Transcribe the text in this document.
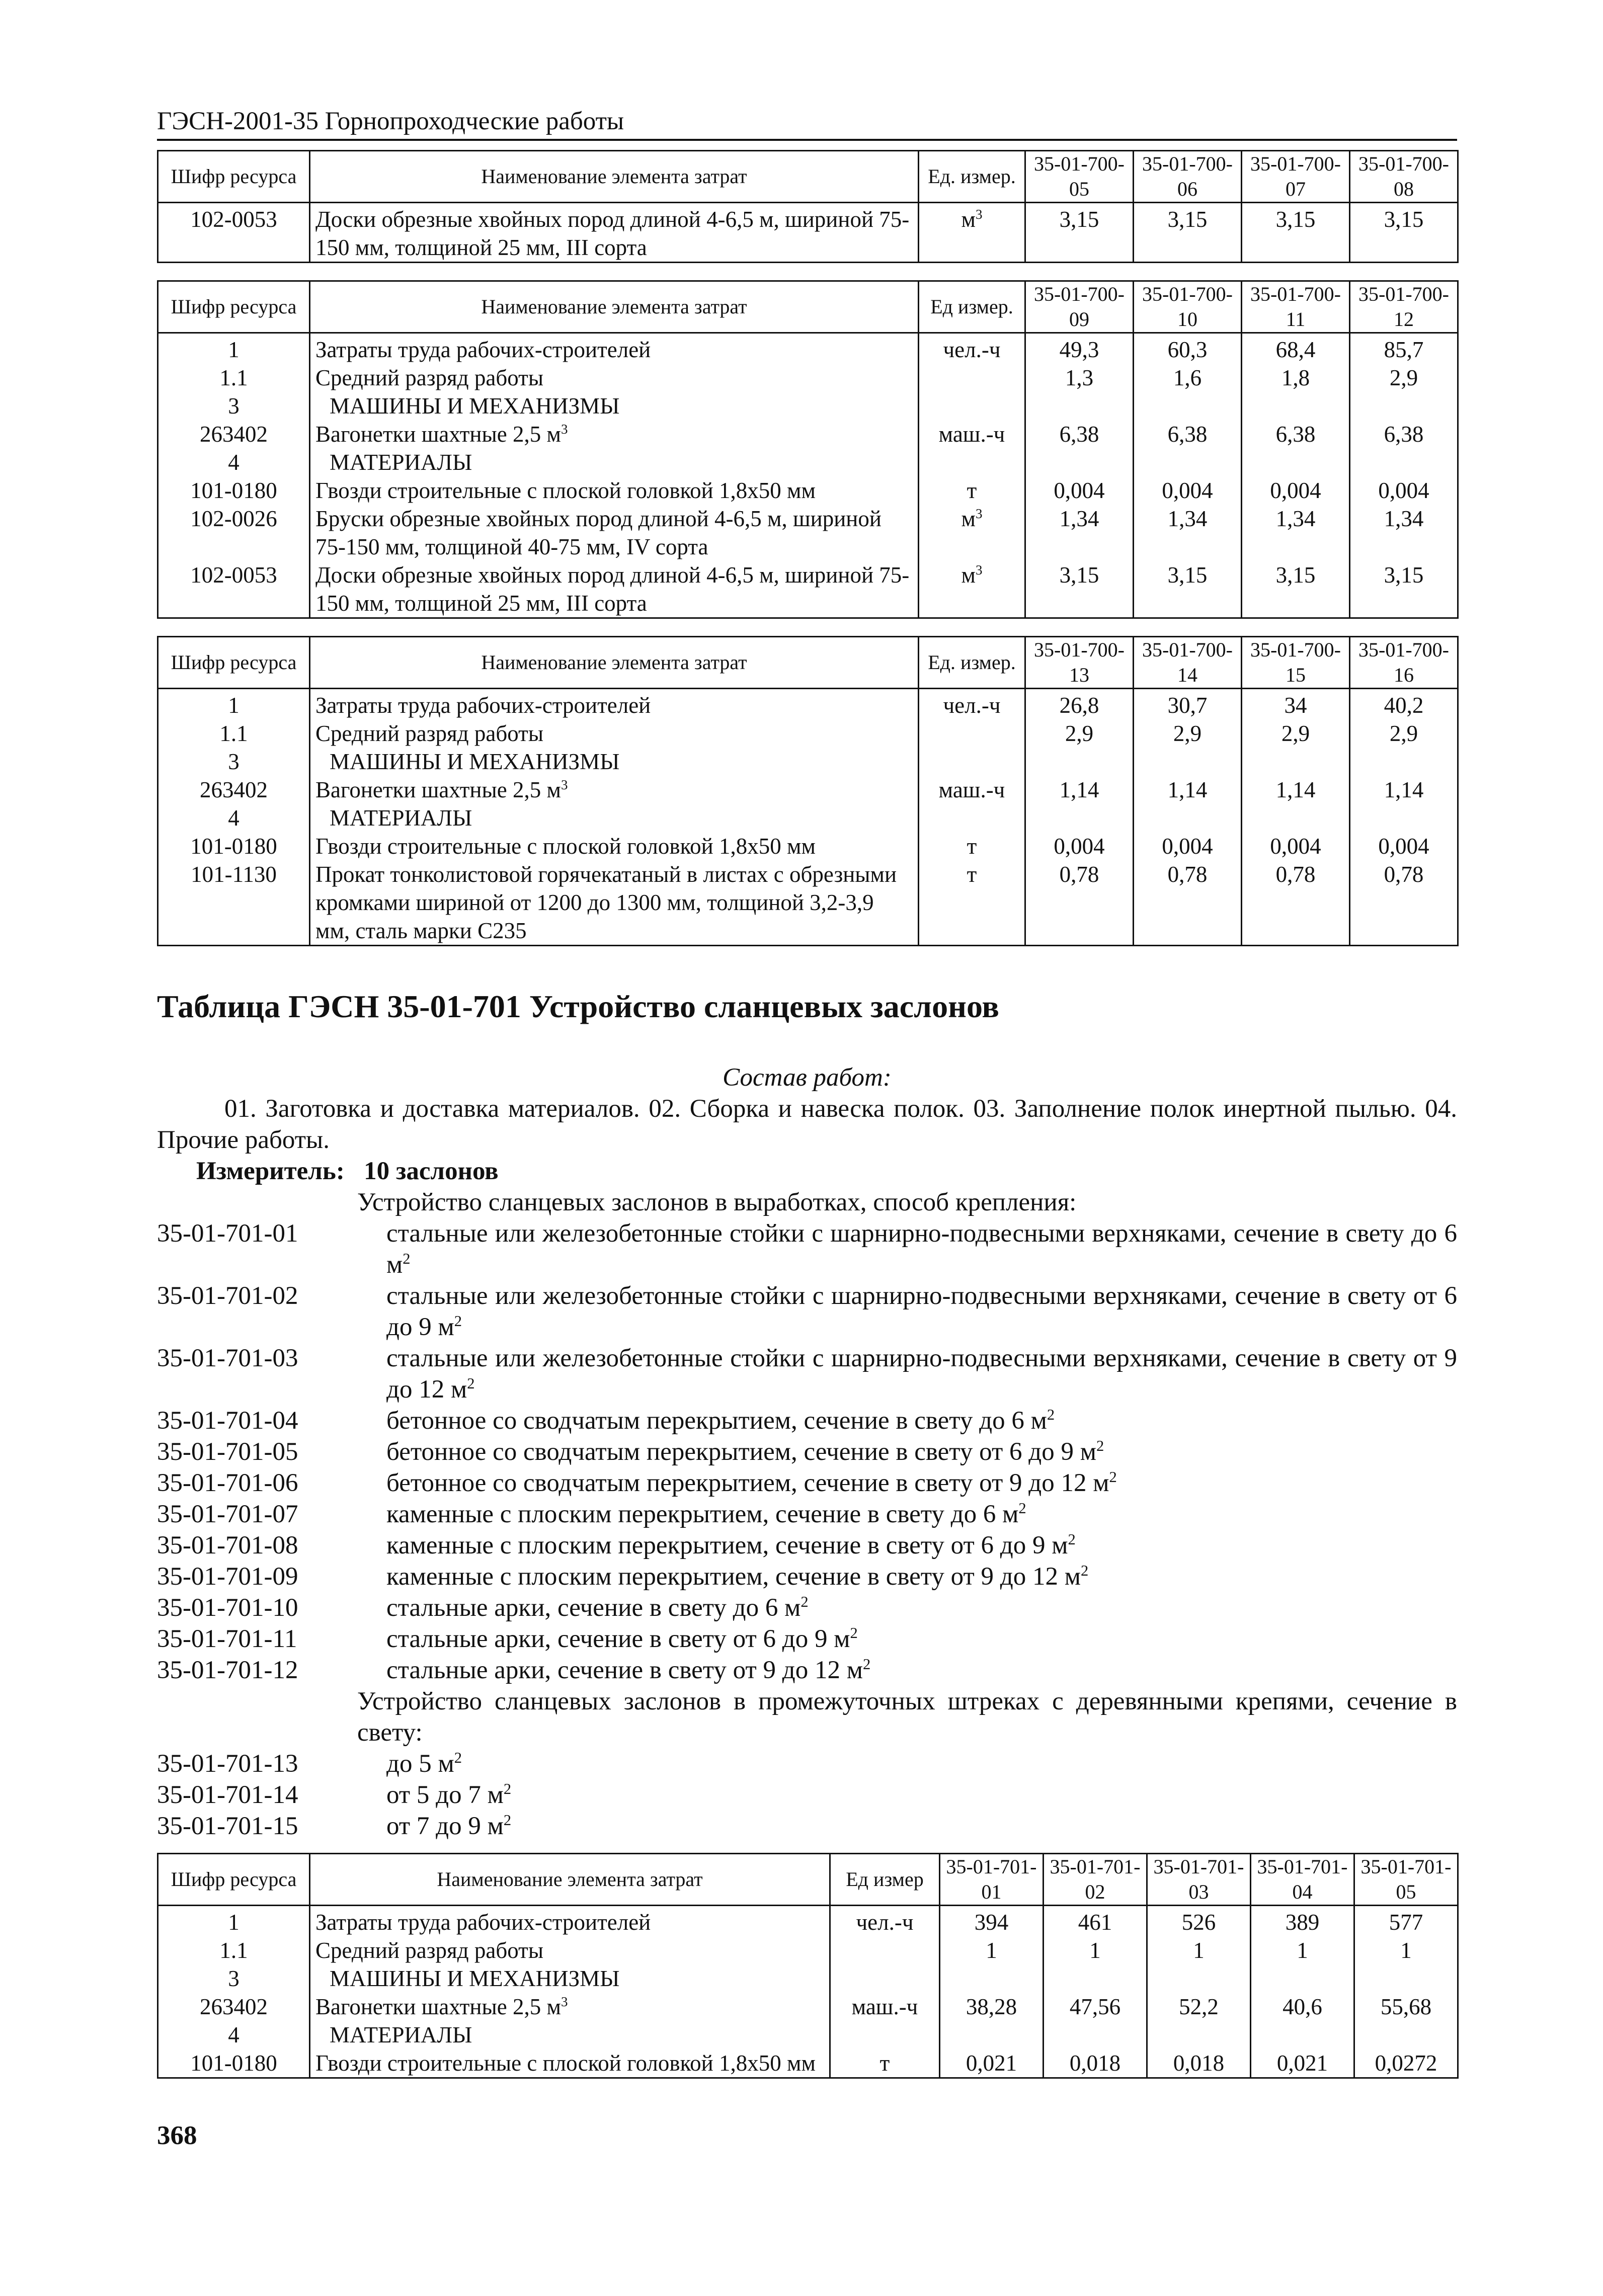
ГЭСН-2001-35 Горнопроходческие работы
Шифр ресурса	Наименование элемента затрат	Ед. измер.	35-01-700-05	35-01-700-06	35-01-700-07	35-01-700-08
102-0053	Доски обрезные хвойных пород длиной 4-6,5 м, шириной 75-150 мм, толщиной 25 мм, III сорта	$м^3$	3,15	3,15	3,15	3,15
Шифр ресурса	Наименование элемента затрат	Ед измер.	35-01-700-09	35-01-700-10	35-01-700-11	35-01-700-12
1	Затраты труда рабочих-строителей	чел.-ч	49,3	60,3	68,4	85,7
1.1	Средний разряд работы		1,3	1,6	1,8	2,9
3	МАШИНЫ И МЕХАНИЗМЫ					
263402	Вагонетки шахтные 2,5 $м^3$	маш.-ч	6,38	6,38	6,38	6,38
4	МАТЕРИАЛЫ					
101-0180	Гвозди строительные с плоской головкой 1,8х50 мм	т	0,004	0,004	0,004	0,004
102-0026	Бруски обрезные хвойных пород длиной 4-6,5 м, шириной 75-150 мм, толщиной 40-75 мм, IV сорта	$м^3$	1,34	1,34	1,34	1,34
102-0053	Доски обрезные хвойных пород длиной 4-6,5 м, шириной 75-150 мм, толщиной 25 мм, III сорта	$м^3$	3,15	3,15	3,15	3,15
Шифр ресурса	Наименование элемента затрат	Ед. измер.	35-01-700-13	35-01-700-14	35-01-700-15	35-01-700-16
1	Затраты труда рабочих-строителей	чел.-ч	26,8	30,7	34	40,2
1.1	Средний разряд работы		2,9	2,9	2,9	2,9
3	МАШИНЫ И МЕХАНИЗМЫ					
263402	Вагонетки шахтные 2,5 $м^3$	маш.-ч	1,14	1,14	1,14	1,14
4	МАТЕРИАЛЫ					
101-0180	Гвозди строительные с плоской головкой 1,8х50 мм	т	0,004	0,004	0,004	0,004
101-1130	Прокат тонколистовой горячекатаный в листах с обрезными кромками шириной от 1200 до 1300 мм, толщиной 3,2-3,9 мм, сталь марки С235	т	0,78	0,78	0,78	0,78
Таблица ГЭСН 35-01-701 Устройство сланцевых заслонов
Состав работ:
01. Заготовка и доставка материалов. 02. Сборка и навеска полок. 03. Заполнение полок инертной пылью. 04. Прочие работы.
Измеритель: 10 заслонов
Устройство сланцевых заслонов в выработках, способ крепления:
35-01-701-01	стальные или железобетонные стойки с шарнирно-подвесными верхняками, сечение в свету до 6 $м^2$
35-01-701-02	стальные или железобетонные стойки с шарнирно-подвесными верхняками, сечение в свету от 6 до 9 $м^2$
35-01-701-03	стальные или железобетонные стойки с шарнирно-подвесными верхняками, сечение в свету от 9 до 12 $м^2$
35-01-701-04	бетонное со сводчатым перекрытием, сечение в свету до 6 $м^2$
35-01-701-05	бетонное со сводчатым перекрытием, сечение в свету от 6 до 9 $м^2$
35-01-701-06	бетонное со сводчатым перекрытием, сечение в свету от 9 до 12 $м^2$
35-01-701-07	каменные с плоским перекрытием, сечение в свету до 6 $м^2$
35-01-701-08	каменные с плоским перекрытием, сечение в свету от 6 до 9 $м^2$
35-01-701-09	каменные с плоским перекрытием, сечение в свету от 9 до 12 $м^2$
35-01-701-10	стальные арки, сечение в свету до 6 $м^2$
35-01-701-11	стальные арки, сечение в свету от 6 до 9 $м^2$
35-01-701-12	стальные арки, сечение в свету от 9 до 12 $м^2$
Устройство сланцевых заслонов в промежуточных штреках с деревянными крепями, сечение в свету:
35-01-701-13	до 5 $м^2$
35-01-701-14	от 5 до 7 $м^2$
35-01-701-15	от 7 до 9 $м^2$
Шифр ресурса	Наименование элемента затрат	Ед измер	35-01-701-01	35-01-701-02	35-01-701-03	35-01-701-04	35-01-701-05
1	Затраты труда рабочих-строителей	чел.-ч	394	461	526	389	577
1.1	Средний разряд работы		1	1	1	1	1
3	МАШИНЫ И МЕХАНИЗМЫ						
263402	Вагонетки шахтные 2,5 $м^3$	маш.-ч	38,28	47,56	52,2	40,6	55,68
4	МАТЕРИАЛЫ						
101-0180	Гвозди строительные с плоской головкой 1,8х50 мм	т	0,021	0,018	0,018	0,021	0,0272
368
